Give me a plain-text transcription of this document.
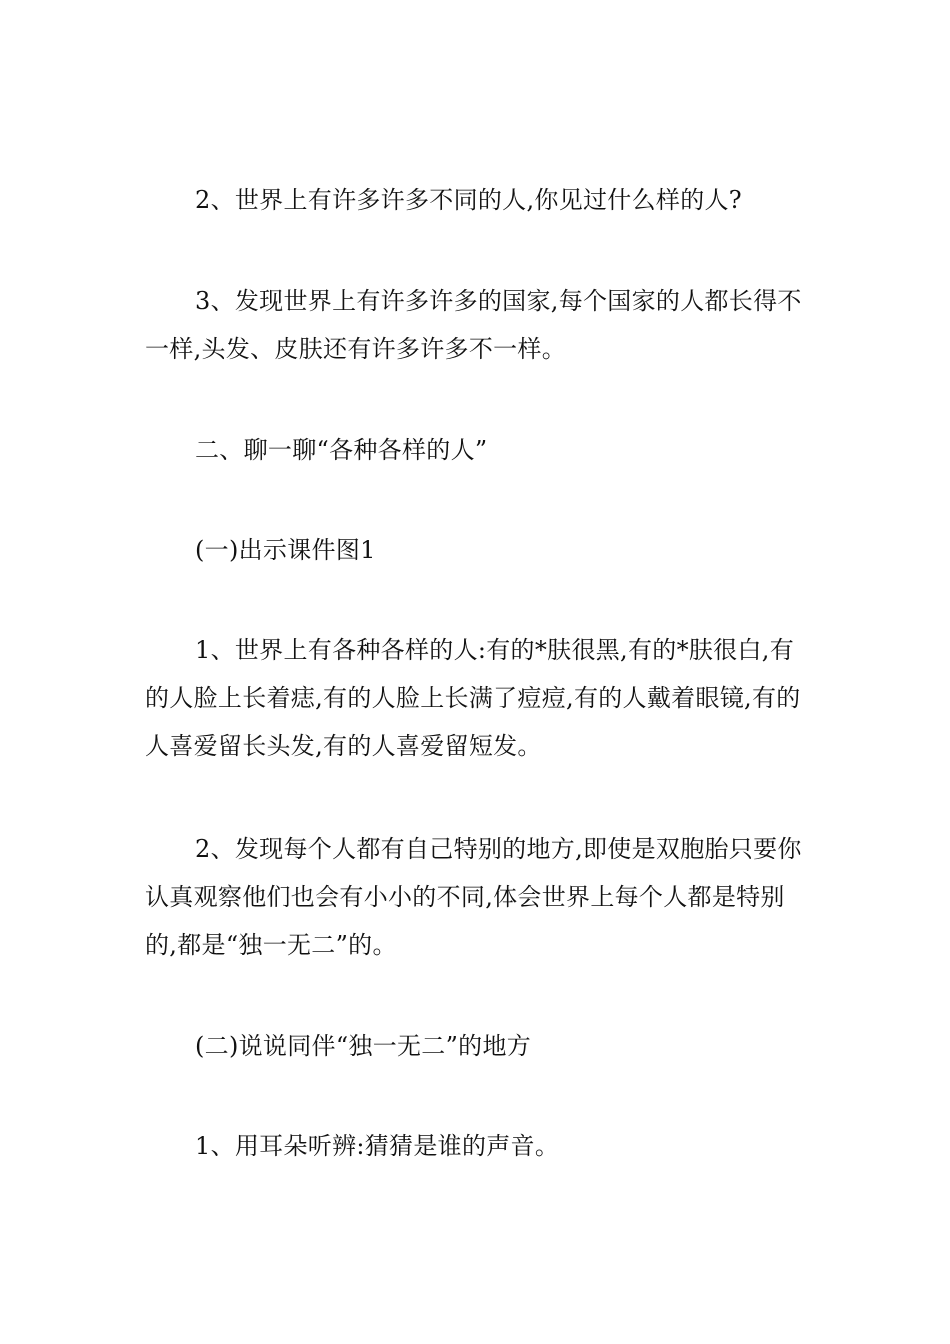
2、世界上有许多许多不同的人,你见过什么样的人?

3、发现世界上有许多许多的国家,每个国家的人都长得不一样,头发、皮肤还有许多许多不一样。

二、聊一聊“各种各样的人”

(一)出示课件图1

1、世界上有各种各样的人:有的*肤很黑,有的*肤很白,有的人脸上长着痣,有的人脸上长满了痘痘,有的人戴着眼镜,有的人喜爱留长头发,有的人喜爱留短发。

2、发现每个人都有自己特别的地方,即使是双胞胎只要你认真观察他们也会有小小的不同,体会世界上每个人都是特别的,都是“独一无二”的。

(二)说说同伴“独一无二”的地方

1、用耳朵听辨:猜猜是谁的声音。
